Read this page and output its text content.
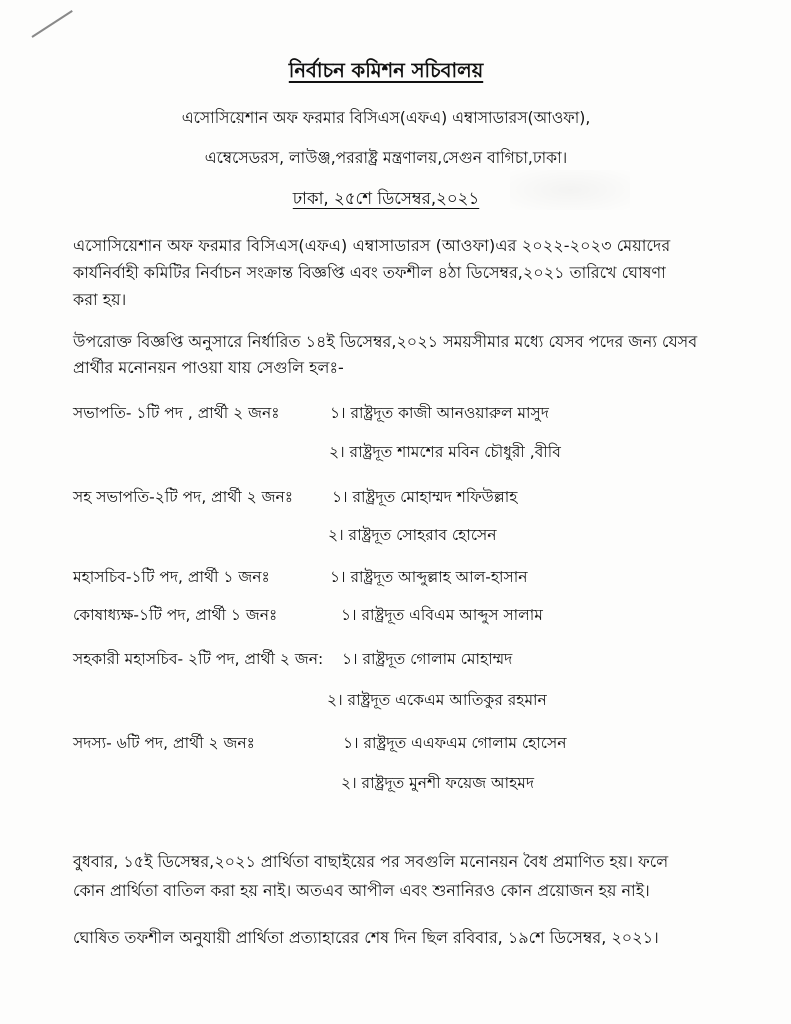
নির্বাচন কমিশন সচিবালয়
এসোসিয়েশান অফ ফরমার বিসিএস(এফএ) এম্বাসাডারস(আওফা),
এম্বেসেডরস, লাউঞ্জ,পররাষ্ট্র মন্ত্রণালয়,সেগুন বাগিচা,ঢাকা।
ঢাকা, ২৫শে ডিসেম্বর,২০২১
এসোসিয়েশান অফ ফরমার বিসিএস(এফএ) এম্বাসাডারস (আওফা)এর ২০২২-২০২৩ মেয়াদের
কার্যনির্বাহী কমিটির নির্বাচন সংক্রান্ত বিজ্ঞপ্তি এবং তফশীল ৪ঠা ডিসেম্বর,২০২১ তারিখে ঘোষণা
করা হয়।
উপরোক্ত বিজ্ঞপ্তি অনুসারে নির্ধারিত ১৪ই ডিসেম্বর,২০২১ সময়সীমার মধ্যে যেসব পদের জন্য যেসব
প্রার্থীর মনোনয়ন পাওয়া যায় সেগুলি হলঃ-
সভাপতি- ১টি পদ , প্রার্থী ২ জনঃ	১। রাষ্ট্রদূত কাজী আনওয়ারুল মাসুদ
২। রাষ্ট্রদূত শামশের মবিন চৌধুরী ,বীবি
সহ সভাপতি-২টি পদ, প্রার্থী ২ জনঃ	১। রাষ্ট্রদূত মোহাম্মদ শফিউল্লাহ
২। রাষ্ট্রদূত সোহরাব হোসেন
মহাসচিব-১টি পদ, প্রার্থী ১ জনঃ	১। রাষ্ট্রদূত আব্দুল্লাহ আল-হাসান
কোষাধ্যক্ষ-১টি পদ, প্রার্থী ১ জনঃ	১। রাষ্ট্রদূত এবিএম আব্দুস সালাম
সহকারী মহাসচিব- ২টি পদ, প্রার্থী ২ জন: ১। রাষ্ট্রদূত গোলাম মোহাম্মদ
২। রাষ্ট্রদূত একেএম আতিকুর রহমান
সদস্য- ৬টি পদ, প্রার্থী ২ জনঃ	১। রাষ্ট্রদূত এএফএম গোলাম হোসেন
২। রাষ্ট্রদূত মুনশী ফয়েজ আহমদ
বুধবার, ১৫ই ডিসেম্বর,২০২১ প্রার্থিতা বাছাইয়ের পর সবগুলি মনোনয়ন বৈধ প্রমাণিত হয়। ফলে
কোন প্রার্থিতা বাতিল করা হয় নাই। অতএব আপীল এবং শুনানিরও কোন প্রয়োজন হয় নাই।
ঘোষিত তফশীল অনুযায়ী প্রার্থিতা প্রত্যাহারের শেষ দিন ছিল রবিবার, ১৯শে ডিসেম্বর, ২০২১।
